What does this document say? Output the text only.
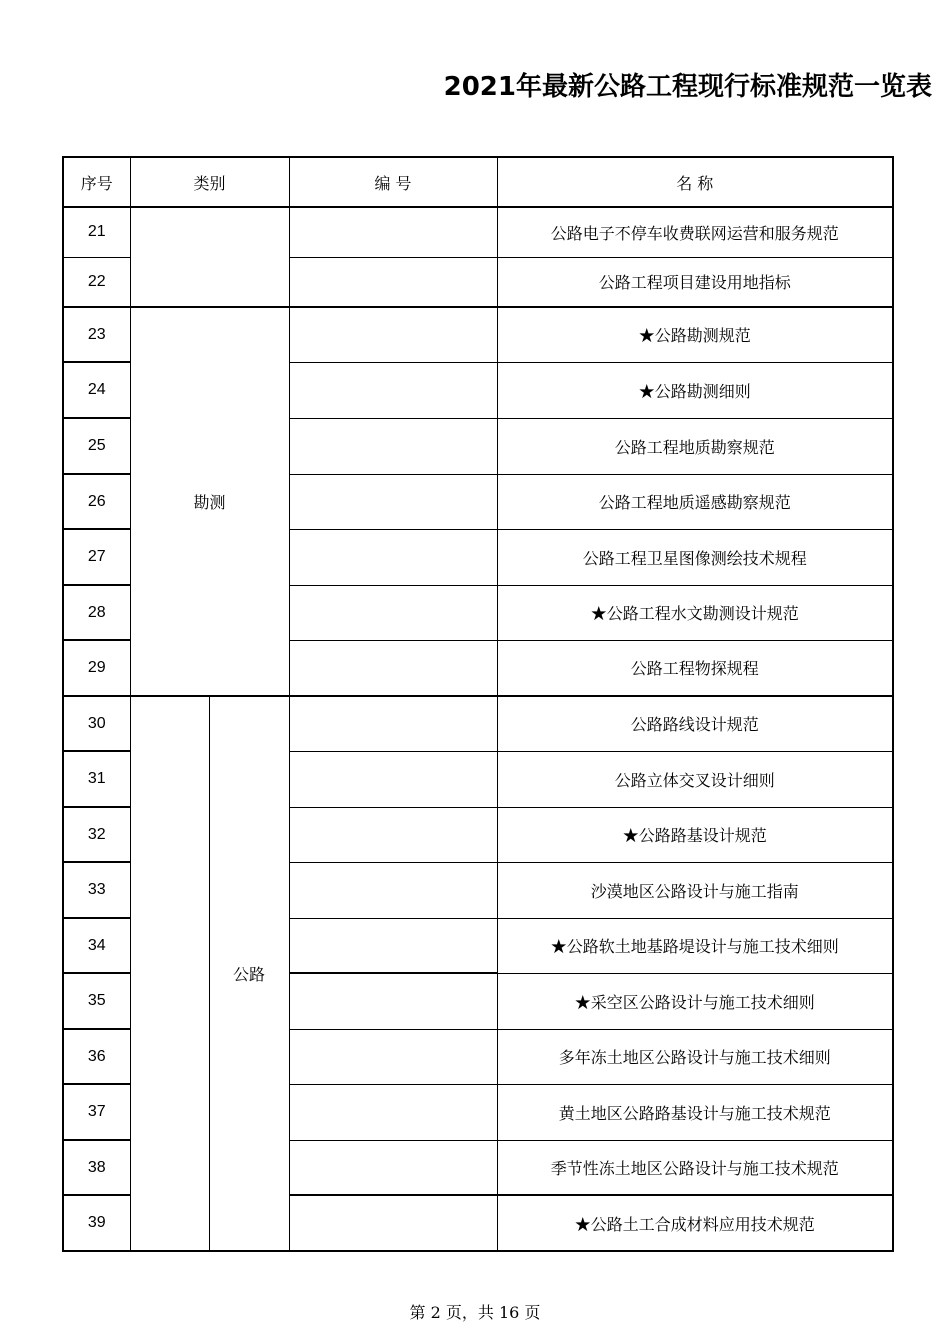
2021年最新公路工程现行标准规范一览表
序号	类别		编 号	名 称
21				公路电子不停车收费联网运营和服务规范
22				公路工程项目建设用地指标
23	勘测			★公路勘测规范
24				★公路勘测细则
25				公路工程地质勘察规范
26				公路工程地质遥感勘察规范
27				公路工程卫星图像测绘技术规程
28				★公路工程水文勘测设计规范
29				公路工程物探规程
30		公路		公路路线设计规范
31				公路立体交叉设计细则
32				★公路路基设计规范
33				沙漠地区公路设计与施工指南
34				★公路软土地基路堤设计与施工技术细则
35				★采空区公路设计与施工技术细则
36				多年冻土地区公路设计与施工技术细则
37				黄土地区公路路基设计与施工技术规范
38				季节性冻土地区公路设计与施工技术规范
39				★公路土工合成材料应用技术规范
第 2 页，共 16 页
